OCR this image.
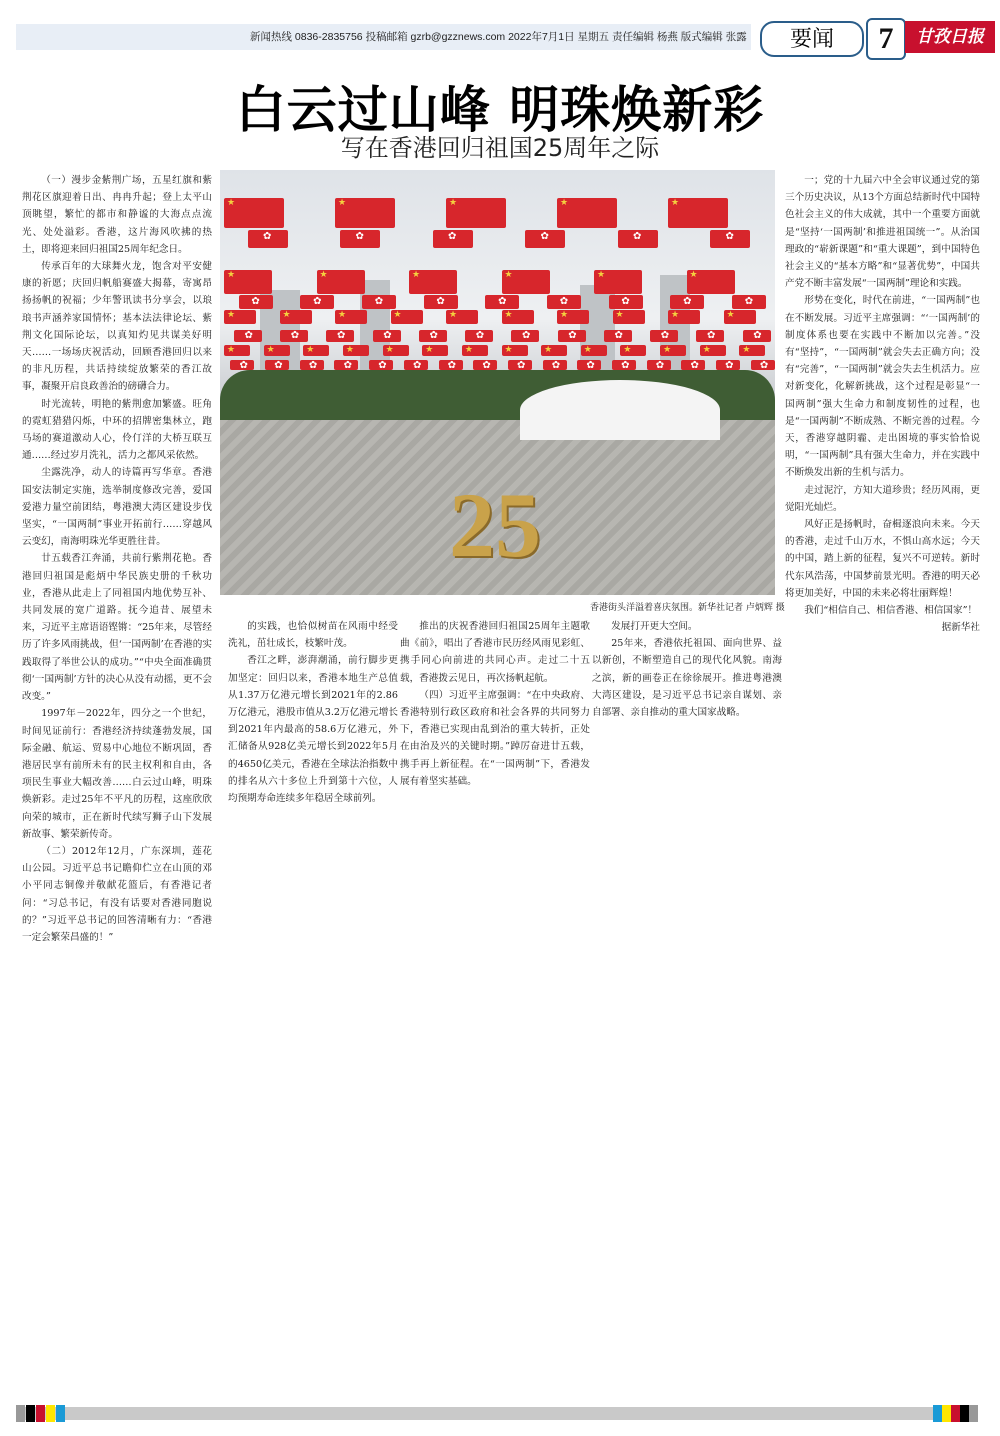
新闻热线 0836-2835756 投稿邮箱 gzrb@gzznews.com 2022年7月1日 星期五 责任编辑 杨燕 版式编辑 张露	要闻	7	甘孜日报
白云过山峰 明珠焕新彩
写在香港回归祖国25周年之际
★
★
★
★
★
✿
✿
✿
✿
✿
✿
★
★
★
★
★
★
✿
✿
✿
✿
✿
✿
✿
✿
✿
★
★
★
★
★
★
★
★
★
★
✿
✿
✿
✿
✿
✿
✿
✿
✿
✿
✿
✿
★
★
★
★
★
★
★
★
★
★
★
★
★
★
✿
✿
✿
✿
✿
✿
✿
✿
✿
✿
✿
✿
✿
✿
✿
✿
25
香港街头洋溢着喜庆氛围。新华社记者 卢炳辉 摄

（一）漫步金紫荆广场，五星红旗和紫荆花区旗迎着日出、冉冉升起；登上太平山顶眺望，繁忙的都市和静谧的大海点点流光、处处溢彩。香港，这片海风吹拂的热土，即将迎来回归祖国25周年纪念日。

传承百年的大球舞火龙，饱含对平安健康的祈愿；庆回归帆船赛盛大揭幕，寄寓昂扬扬帆的祝福；少年警讯读书分享会，以琅琅书声涵养家国情怀；基本法法律论坛、紫荆文化国际论坛，以真知灼见共谋美好明天……一场场庆祝活动，回顾香港回归以来的非凡历程，共话持续绽放繁荣的香江故事，凝聚开启良政善治的磅礴合力。

时光流转，明艳的紫荆愈加繁盛。旺角的霓虹猎猎闪烁，中环的招牌密集林立，跑马场的赛道激动人心，伶仃洋的大桥互联互通……经过岁月洗礼，活力之都风采依然。

尘露洗净，动人的诗篇再写华章。香港国安法制定实施，选举制度修改完善，爱国爱港力量空前团结，粤港澳大湾区建设步伐坚实，“一国两制”事业开拓前行……穿越风云变幻，南海明珠光华更胜往昔。

廿五载香江奔涌，共前行紫荆花艳。香港回归祖国是彪炳中华民族史册的千秋功业，香港从此走上了同祖国内地优势互补、共同发展的宽广道路。抚今追昔、展望未来，习近平主席语语铿锵：“25年来，尽管经历了许多风雨挑战，但‘一国两制’在香港的实践取得了举世公认的成功。”“中央全面准确贯彻‘一国两制’方针的决心从没有动摇，更不会改变。”

1997年－2022年，四分之一个世纪，时间见证前行：香港经济持续蓬勃发展，国际金融、航运、贸易中心地位不断巩固，香港居民享有前所未有的民主权利和自由，各项民生事业大幅改善……白云过山峰，明珠焕新彩。走过25年不平凡的历程，这座欣欣向荣的城市，正在新时代续写狮子山下发展新故事、繁荣新传奇。

（二）2012年12月，广东深圳，莲花山公园。习近平总书记瞻仰伫立在山顶的邓小平同志铜像并敬献花篮后，有香港记者问：“习总书记，有没有话要对香港同胞说的？”习近平总书记的回答清晰有力：“香港一定会繁荣昌盛的！”

的实践，也恰似树苗在风雨中经受洗礼，茁壮成长，枝繁叶茂。

香江之畔，澎湃潮涌，前行脚步更加坚定：回归以来，香港本地生产总值从1.37万亿港元增长到2021年的2.86万亿港元，港股市值从3.2万亿港元增长到2021年内最高的58.6万亿港元，外汇储备从928亿美元增长到2022年5月的4650亿美元，香港在全球法治指数中的排名从六十多位上升到第十六位，人均预期寿命连续多年稳居全球前列。

推出的庆祝香港回归祖国25周年主题歌曲《前》，唱出了香港市民历经风雨见彩虹、携手同心向前进的共同心声。走过二十五载，香港拨云见日，再次扬帆起航。

（四）习近平主席强调：“在中央政府、香港特别行政区政府和社会各界的共同努力下，香港已实现由乱到治的重大转折，正处在由治及兴的关键时期。”踔厉奋进廿五载，携手再上新征程。在“一国两制”下，香港发展有着坚实基础。

发展打开更大空间。

25年来，香港依托祖国、面向世界、益以新创，不断塑造自己的现代化风貌。南海之滨，新的画卷正在徐徐展开。推进粤港澳大湾区建设，是习近平总书记亲自谋划、亲自部署、亲自推动的重大国家战略。

一；党的十九届六中全会审议通过党的第三个历史决议，从13个方面总结新时代中国特色社会主义的伟大成就，其中一个重要方面就是“坚持‘一国两制’和推进祖国统一”。从治国理政的“崭新课题”和“重大课题”，到中国特色社会主义的“基本方略”和“显著优势”，中国共产党不断丰富发展“一国两制”理论和实践。

形势在变化，时代在前进，“一国两制”也在不断发展。习近平主席强调：“‘一国两制’的制度体系也要在实践中不断加以完善。”没有“坚持”，“一国两制”就会失去正确方向；没有“完善”，“一国两制”就会失去生机活力。应对新变化，化解新挑战，这个过程是彰显“一国两制”强大生命力和制度韧性的过程，也是“一国两制”不断成熟、不断完善的过程。今天，香港穿越阴霾、走出困境的事实恰恰说明，“一国两制”具有强大生命力，并在实践中不断焕发出新的生机与活力。

走过泥泞，方知大道珍贵；经历风雨，更觉阳光灿烂。

风好正是扬帆时，奋楫逐浪向未来。今天的香港，走过千山万水，不惧山高水远；今天的中国，踏上新的征程，复兴不可逆转。新时代东风浩荡，中国梦前景光明。香港的明天必将更加美好，中国的未来必将壮丽辉煌！

我们“相信自己、相信香港、相信国家”！

据新华社
